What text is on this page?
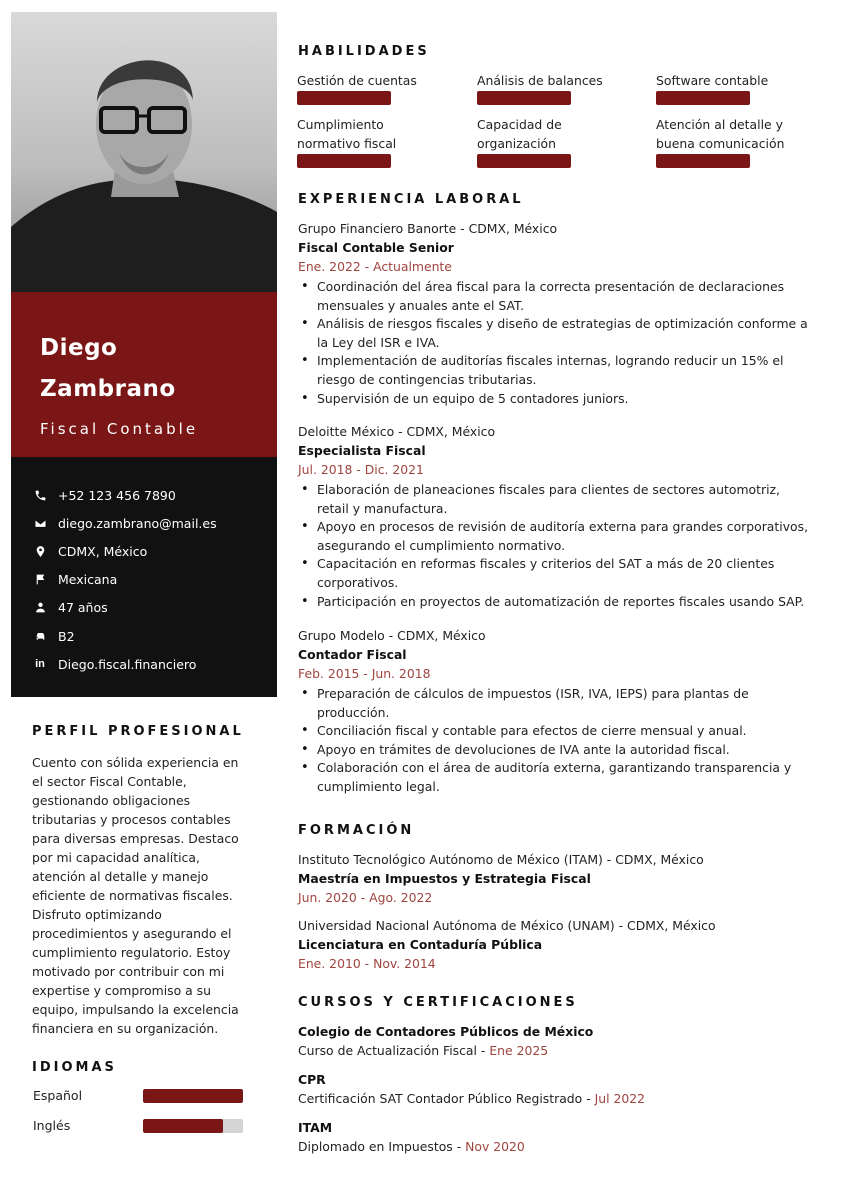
Diego
Zambrano
Fiscal Contable
+52 123 456 7890
diego.zambrano@mail.es
CDMX, México
Mexicana
47 años
B2
in Diego.fiscal.financiero
PERFIL PROFESIONAL
Cuento con sólida experiencia en el sector Fiscal Contable, gestionando obligaciones tributarias y procesos contables para diversas empresas. Destaco por mi capacidad analítica, atención al detalle y manejo eficiente de normativas fiscales. Disfruto optimizando procedimientos y asegurando el cumplimiento regulatorio. Estoy motivado por contribuir con mi expertise y compromiso a su equipo, impulsando la excelencia financiera en su organización.
IDIOMAS
Español
Inglés
HABILIDADES
Gestión de cuentas	Análisis de balances	Software contable
Cumplimiento normativo fiscal
Capacidad de organización
Atención al detalle y buena comunicación
EXPERIENCIA LABORAL
Grupo Financiero Banorte - CDMX, México
Fiscal Contable Senior
Ene. 2022 - Actualmente
• Coordinación del área fiscal para la correcta presentación de declaraciones mensuales y anuales ante el SAT.
• Análisis de riesgos fiscales y diseño de estrategias de optimización conforme a la Ley del ISR e IVA.
• Implementación de auditorías fiscales internas, logrando reducir un 15% el riesgo de contingencias tributarias.
• Supervisión de un equipo de 5 contadores juniors.
Deloitte México - CDMX, México
Especialista Fiscal
Jul. 2018 - Dic. 2021
• Elaboración de planeaciones fiscales para clientes de sectores automotriz, retail y manufactura.
• Apoyo en procesos de revisión de auditoría externa para grandes corporativos, asegurando el cumplimiento normativo.
• Capacitación en reformas fiscales y criterios del SAT a más de 20 clientes corporativos.
• Participación en proyectos de automatización de reportes fiscales usando SAP.
Grupo Modelo - CDMX, México
Contador Fiscal
Feb. 2015 - Jun. 2018
• Preparación de cálculos de impuestos (ISR, IVA, IEPS) para plantas de producción.
• Conciliación fiscal y contable para efectos de cierre mensual y anual.
• Apoyo en trámites de devoluciones de IVA ante la autoridad fiscal.
• Colaboración con el área de auditoría externa, garantizando transparencia y cumplimiento legal.
FORMACIÓN
Instituto Tecnológico Autónomo de México (ITAM) - CDMX, México
Maestría en Impuestos y Estrategia Fiscal
Jun. 2020 - Ago. 2022
Universidad Nacional Autónoma de México (UNAM) - CDMX, México
Licenciatura en Contaduría Pública
Ene. 2010 - Nov. 2014
CURSOS Y CERTIFICACIONES
Colegio de Contadores Públicos de México
Curso de Actualización Fiscal - Ene 2025
CPR
Certificación SAT Contador Público Registrado - Jul 2022
ITAM
Diplomado en Impuestos - Nov 2020
